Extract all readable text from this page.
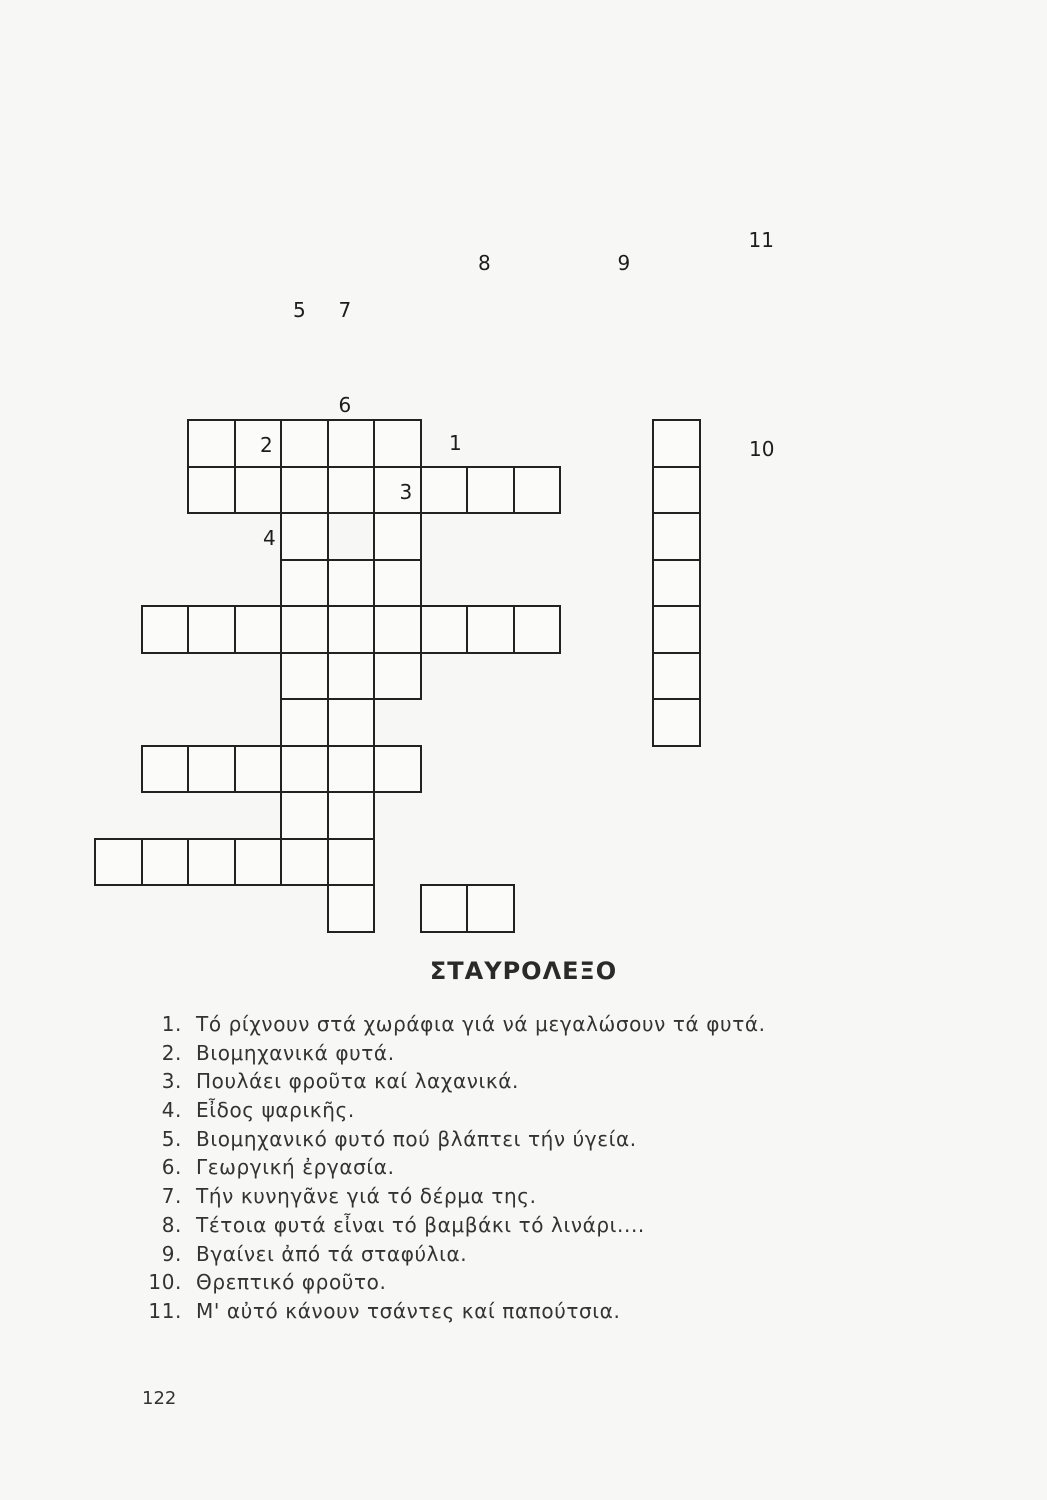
1
2
3
4
5
6
7
8	9
10
11
ΣΤΑΥΡΟΛΕΞΟ
1. Τό ρίχνουν στά χωράφια γιά νά μεγαλώσουν τά φυτά.
2. Βιομηχανικά φυτά.
3. Πουλάει φροῦτα καί λαχανικά.
4. Εἶδος ψαρικῆς.
5. Βιομηχανικό φυτό πού βλάπτει τήν ύγεία.
6. Γεωργική ἐργασία.
7. Τήν κυνηγᾶνε γιά τό δέρμα της.
8. Τέτοια φυτά εἶναι τό βαμβάκι τό λινάρι....
9. Βγαίνει ἀπό τά σταφύλια.
10. Θρεπτικό φροῦτο.
11. Μ' αὐτό κάνουν τσάντες καί παπούτσια.
122
